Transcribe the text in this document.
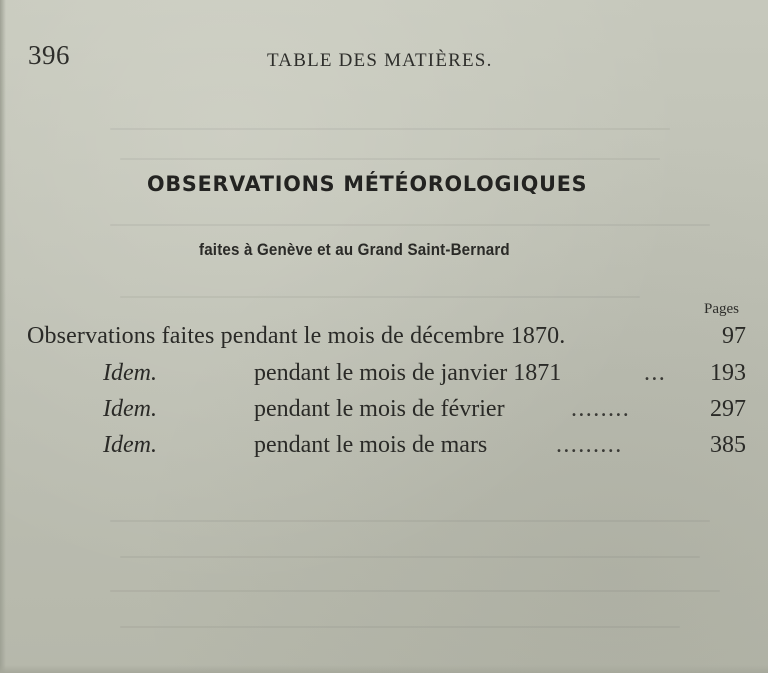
396	TABLE DES MATIÈRES.
OBSERVATIONS MÉTÉOROLOGIQUES
faites à Genève et au Grand Saint-Bernard
Pages
Observations faites pendant le mois de décembre 1870.	97
Idem.	pendant le mois de janvier 1871	... 193
Idem.	pendant le mois de février	........	297
Idem.	pendant le mois de mars	.........	385
